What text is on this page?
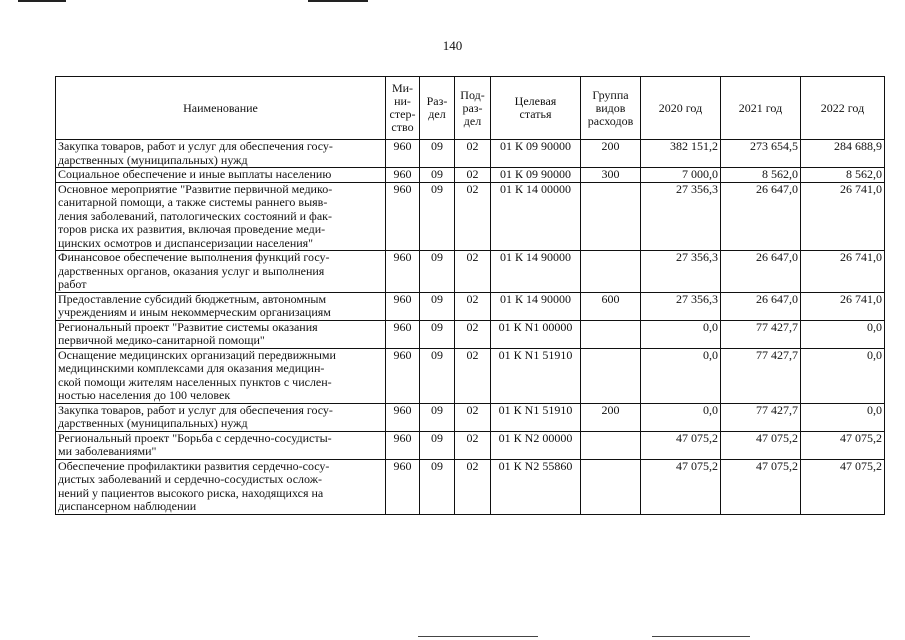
140
Наименование	Ми-
ни-
стер-
ство	Раз-
дел	Под-
раз-
дел	Целевая
статья	Группа
видов
расходов	2020 год	2021 год	2022 год
Закупка товаров, работ и услуг для обеспечения госу-
дарственных (муниципальных) нужд	960	09	02	01 К 09 90000	200	382 151,2	273 654,5	284 688,9
Социальное обеспечение и иные выплаты населению	960	09	02	01 К 09 90000	300	7 000,0	8 562,0	8 562,0
Основное мероприятие "Развитие первичной медико-
санитарной помощи, а также системы раннего выяв-
ления заболеваний, патологических состояний и фак-
торов риска их развития, включая проведение меди-
цинских осмотров и диспансеризации населения"	960	09	02	01 К 14 00000		27 356,3	26 647,0	26 741,0
Финансовое обеспечение выполнения функций госу-
дарственных органов, оказания услуг и выполнения
работ	960	09	02	01 К 14 90000		27 356,3	26 647,0	26 741,0
Предоставление субсидий бюджетным, автономным
учреждениям и иным некоммерческим организациям	960	09	02	01 К 14 90000	600	27 356,3	26 647,0	26 741,0
Региональный проект "Развитие системы оказания
первичной медико-санитарной помощи"	960	09	02	01 К N1 00000		0,0	77 427,7	0,0
Оснащение медицинских организаций передвижными
медицинскими комплексами для оказания медицин-
ской помощи жителям населенных пунктов с числен-
ностью населения до 100 человек	960	09	02	01 К N1 51910		0,0	77 427,7	0,0
Закупка товаров, работ и услуг для обеспечения госу-
дарственных (муниципальных) нужд	960	09	02	01 К N1 51910	200	0,0	77 427,7	0,0
Региональный проект "Борьба с сердечно-сосудисты-
ми заболеваниями"	960	09	02	01 К N2 00000		47 075,2	47 075,2	47 075,2
Обеспечение профилактики развития сердечно-сосу-
дистых заболеваний и сердечно-сосудистых ослож-
нений у пациентов высокого риска, находящихся на
диспансерном наблюдении	960	09	02	01 К N2 55860		47 075,2	47 075,2	47 075,2
